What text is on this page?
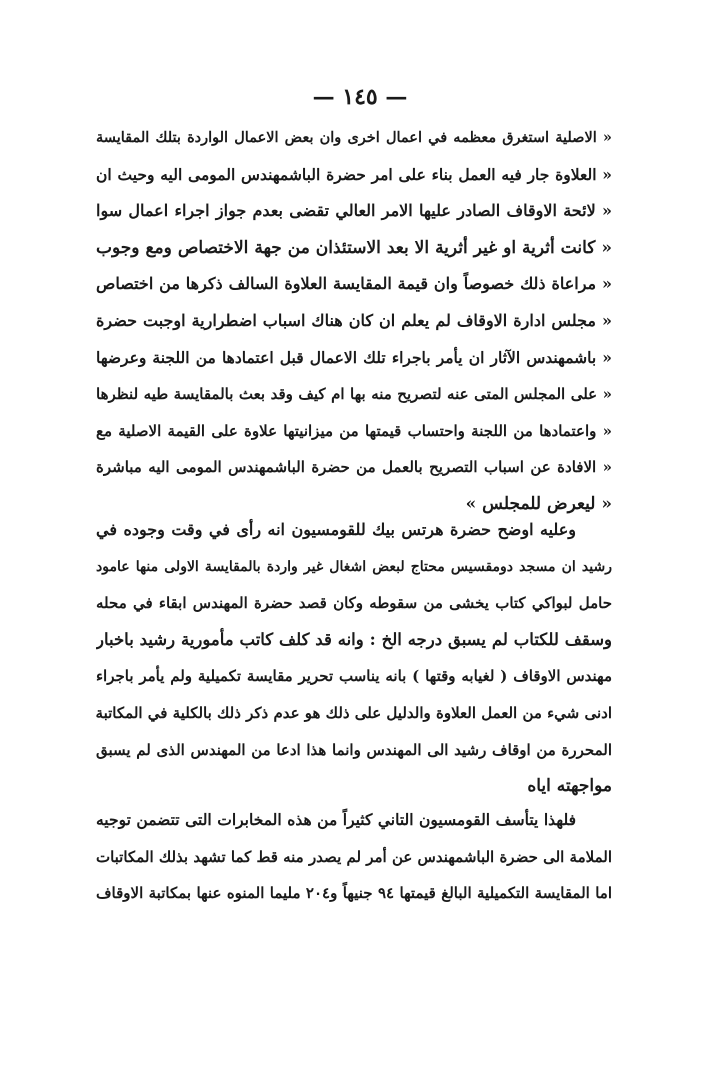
— ١٤٥ —
« الاصلية استغرق معظمه في اعمال اخرى وان بعض الاعمال الواردة بتلك المقايسة
« العلاوة جار فيه العمل بناء على امر حضرة الباشمهندس المومى اليه وحيث ان
« لائحة الاوقاف الصادر عليها الامر العالي تقضى بعدم جواز اجراء اعمال سوا
« كانت أثرية او غير أثرية الا بعد الاستئذان من جهة الاختصاص ومع وجوب
« مراعاة ذلك خصوصاً وان قيمة المقايسة العلاوة السالف ذكرها من اختصاص
« مجلس ادارة الاوقاف لم يعلم ان كان هناك اسباب اضطرارية اوجبت حضرة
« باشمهندس الآثار ان يأمر باجراء تلك الاعمال قبل اعتمادها من اللجنة وعرضها
« على المجلس المتى عنه لتصريح منه بها ام كيف وقد بعث بالمقايسة طيه لنظرها
« واعتمادها من اللجنة واحتساب قيمتها من ميزانيتها علاوة على القيمة الاصلية مع
« الافادة عن اسباب التصريح بالعمل من حضرة الباشمهندس المومى اليه مباشرة
« ليعرض للمجلس »
وعليه اوضح حضرة هرتس بيك للقومسيون انه رأى في وقت وجوده في
رشيد ان مسجد دومقسيس محتاج لبعض اشغال غير واردة بالمقايسة الاولى منها عامود
حامل لبواكي كتاب يخشى من سقوطه وكان قصد حضرة المهندس ابقاء في محله
وسقف للكتاب لم يسبق درجه الخ : وانه قد كلف كاتب مأمورية رشيد باخبار
مهندس الاوقاف ( لغيابه وقتها ) بانه يناسب تحرير مقايسة تكميلية ولم يأمر باجراء
ادنى شيء من العمل العلاوة والدليل على ذلك هو عدم ذكر ذلك بالكلية في المكاتبة
المحررة من اوقاف رشيد الى المهندس وانما هذا ادعا من المهندس الذى لم يسبق
مواجهته اياه
فلهذا يتأسف القومسيون التاني كثيراً من هذه المخابرات التى تتضمن توجيه
الملامة الى حضرة الباشمهندس عن أمر لم يصدر منه قط كما تشهد بذلك المكاتبات
اما المقايسة التكميلية البالغ قيمتها ٩٤ جنيهاً و٢٠٤ مليما المنوه عنها بمكاتبة الاوقاف
